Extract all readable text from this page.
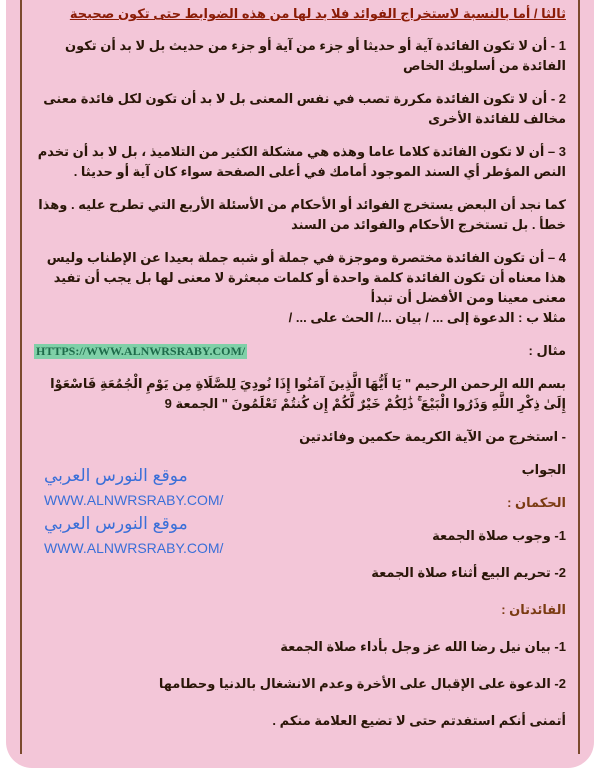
ثالثا / أما بالنسبة لاستخراج الفوائد فلا بد لها من هذه الضوابط حتى تكون صحيحة

1 - أن لا تكون الفائدة آية أو حديثا أو جزء من آية أو جزء من حديث بل لا بد أن تكون الفائدة من أسلوبك الخاص

2 - أن لا تكون الفائدة مكررة تصب في نفس المعنى بل لا بد أن تكون لكل فائدة معنى مخالف للفائدة الأخرى

3 – أن لا تكون الفائدة كلاما عاما وهذه هي مشكلة الكثير من التلاميذ ، بل لا بد أن تخدم النص المؤطر أي السند الموجود أمامك في أعلى الصفحة سواء كان آية أو حديثا .

كما نجد أن البعض يستخرج الفوائد أو الأحكام من الأسئلة الأربع التي تطرح عليه . وهذا خطأ . بل تستخرج الأحكام والفوائد من السند

4 – أن تكون الفائدة مختصرة وموجزة في جملة أو شبه جملة بعيدا عن الإطناب وليس هذا معناه أن تكون الفائدة كلمة واحدة أو كلمات مبعثرة لا معنى لها بل يجب أن تفيد معنى معينا ومن الأفضل أن تبدأ
مثلا ب : الدعوة إلى ... / بيان .../ الحث على ... /

مثال :
HTTPS://WWW.ALNWRSRABY.COM/

بسم الله الرحمن الرحيم " يَا أَيُّهَا الَّذِينَ آمَنُوا إِذَا نُودِيَ لِلصَّلَاةِ مِن يَوْمِ الْجُمُعَةِ فَاسْعَوْا إِلَىٰ ذِكْرِ اللَّهِ وَذَرُوا الْبَيْعَ ۚ ذَٰلِكُمْ خَيْرٌ لَّكُمْ إِن كُنتُمْ تَعْلَمُونَ " الجمعة 9

- استخرج من الآية الكريمة حكمين وفائدتين

موقع النورس العربي
WWW.ALNWRSRABY.COM/
موقع النورس العربي
WWW.ALNWRSRABY.COM/

الجواب

الحكمان :

1- وجوب صلاة الجمعة

2- تحريم البيع أثناء صلاة الجمعة

الفائدتان :

1- بيان نيل رضا الله عز وجل بأداء صلاة الجمعة

2- الدعوة على الإقبال على الأخرة وعدم الانشغال بالدنيا وحطامها

أتمنى أنكم استفدتم حتى لا تضيع العلامة منكم .
